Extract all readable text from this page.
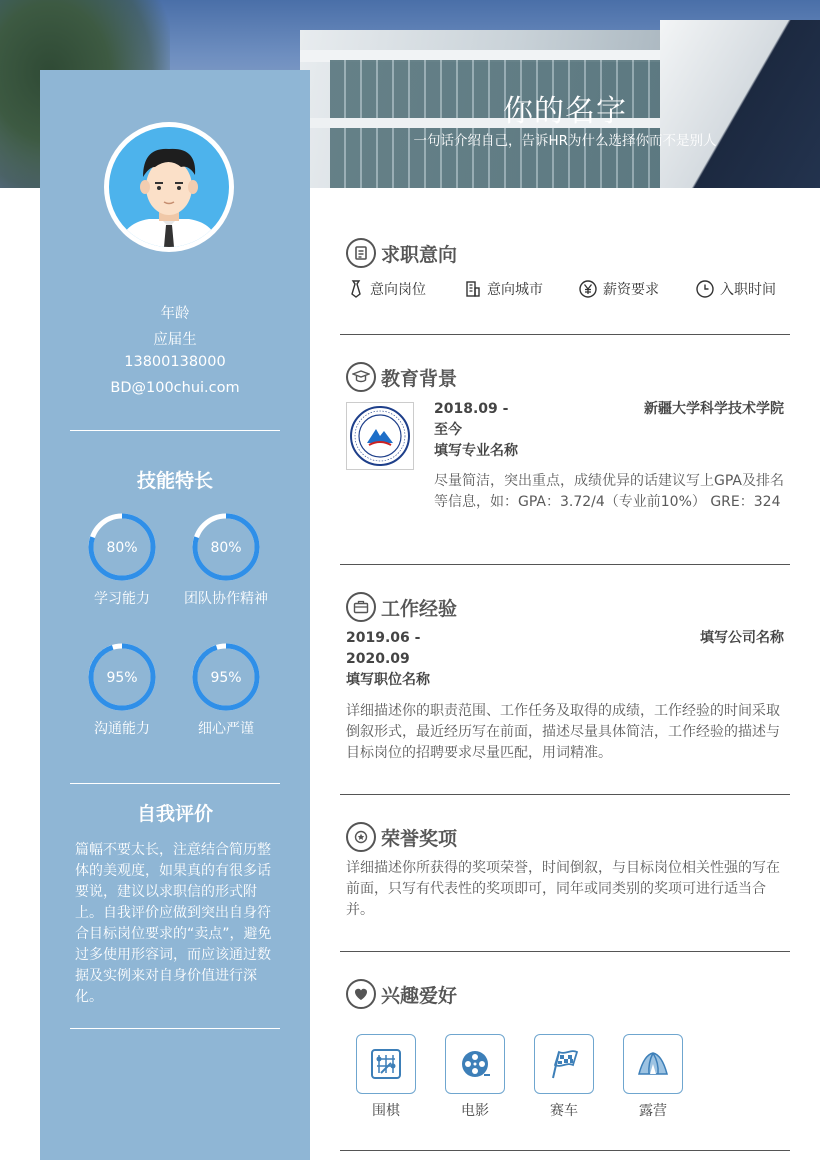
你的名字
一句话介绍自己，告诉HR为什么选择你而不是别人
年龄
应届生
13800138000
BD@100chui.com
技能特长
80%
学习能力
80%
团队协作精神
95%
沟通能力
95%
细心严谨
自我评价
篇幅不要太长，注意结合简历整体的美观度，如果真的有很多话要说，建议以求职信的形式附上。自我评价应做到突出自身符合目标岗位要求的“卖点”，避免过多使用形容词，而应该通过数据及实例来对自身价值进行深化。
求职意向
意向岗位	意向城市	薪资要求	入职时间
教育背景
2018.09 - 至今
新疆大学科学技术学院
填写专业名称
尽量简洁，突出重点，成绩优异的话建议写上GPA及排名等信息，如：GPA：3.72/4（专业前10%） GRE：324
工作经验
2019.06 - 2020.09
填写公司名称
填写职位名称
详细描述你的职责范围、工作任务及取得的成绩，工作经验的时间采取倒叙形式，最近经历写在前面，描述尽量具体简洁，工作经验的描述与目标岗位的招聘要求尽量匹配，用词精准。
荣誉奖项
详细描述你所获得的奖项荣誉，时间倒叙，与目标岗位相关性强的写在前面，只写有代表性的奖项即可，同年或同类别的奖项可进行适当合并。
兴趣爱好
围棋	电影	赛车	露营
